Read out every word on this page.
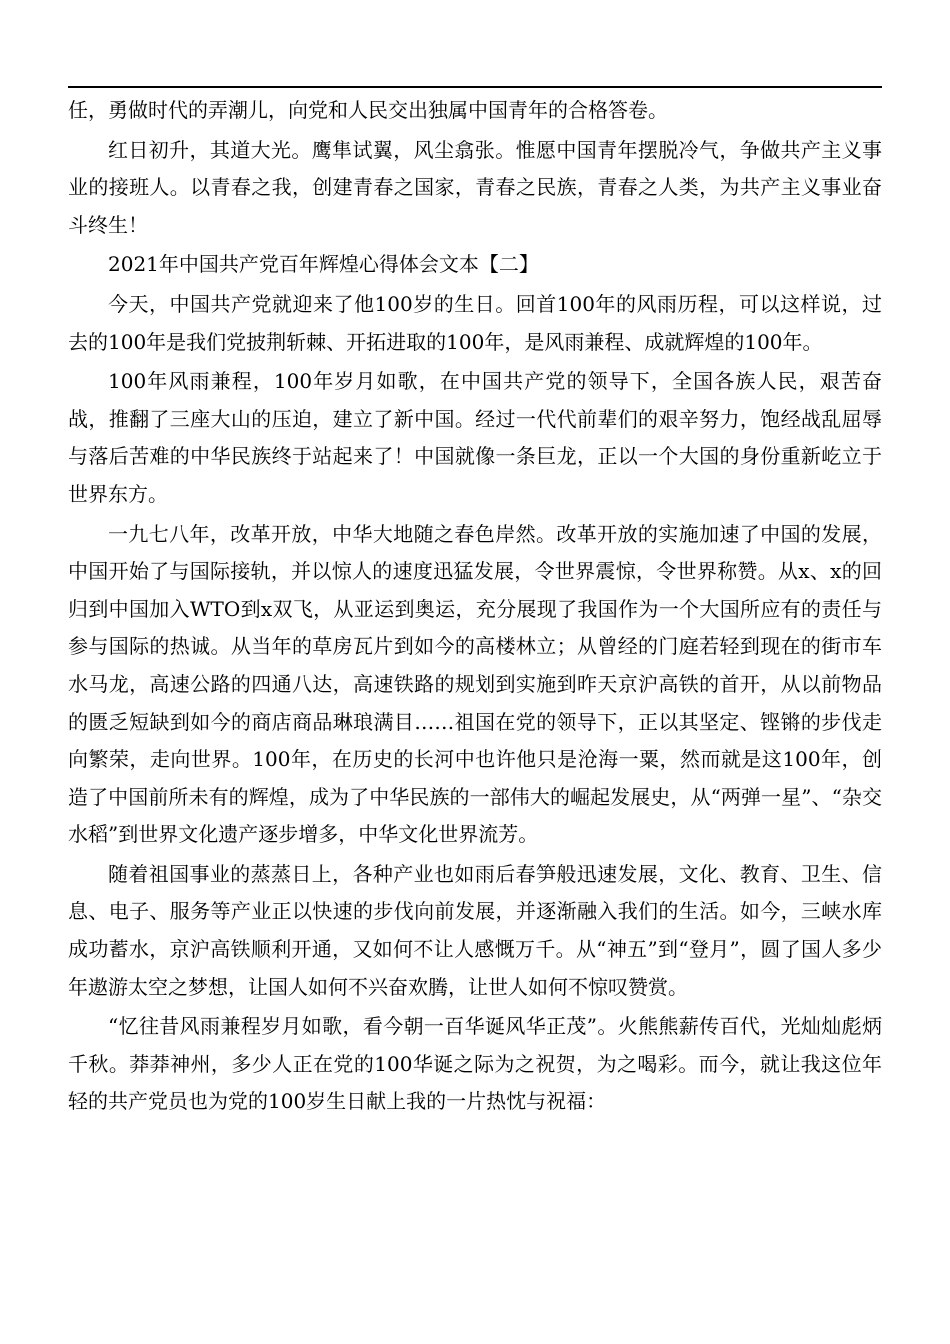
任，勇做时代的弄潮儿，向党和人民交出独属中国青年的合格答卷。

红日初升，其道大光。鹰隼试翼，风尘翕张。惟愿中国青年摆脱冷气，争做共产主义事业的接班人。以青春之我，创建青春之国家，青春之民族，青春之人类，为共产主义事业奋斗终生！

2021年中国共产党百年辉煌心得体会文本【二】

今天，中国共产党就迎来了他100岁的生日。回首100年的风雨历程，可以这样说，过去的100年是我们党披荆斩棘、开拓进取的100年，是风雨兼程、成就辉煌的100年。

100年风雨兼程，100年岁月如歌，在中国共产党的领导下，全国各族人民，艰苦奋战，推翻了三座大山的压迫，建立了新中国。经过一代代前辈们的艰辛努力，饱经战乱屈辱与落后苦难的中华民族终于站起来了！中国就像一条巨龙，正以一个大国的身份重新屹立于世界东方。

一九七八年，改革开放，中华大地随之春色岸然。改革开放的实施加速了中国的发展，中国开始了与国际接轨，并以惊人的速度迅猛发展，令世界震惊，令世界称赞。从x、x的回归到中国加入WTO到x双飞，从亚运到奥运，充分展现了我国作为一个大国所应有的责任与参与国际的热诚。从当年的草房瓦片到如今的高楼林立；从曾经的门庭若轻到现在的街市车水马龙，高速公路的四通八达，高速铁路的规划到实施到昨天京沪高铁的首开，从以前物品的匮乏短缺到如今的商店商品琳琅满目……祖国在党的领导下，正以其坚定、铿锵的步伐走向繁荣，走向世界。100年，在历史的长河中也许他只是沧海一粟，然而就是这100年，创造了中国前所未有的辉煌，成为了中华民族的一部伟大的崛起发展史，从“两弹一星”、“杂交水稻”到世界文化遗产逐步增多，中华文化世界流芳。

随着祖国事业的蒸蒸日上，各种产业也如雨后春笋般迅速发展，文化、教育、卫生、信息、电子、服务等产业正以快速的步伐向前发展，并逐渐融入我们的生活。如今，三峡水库成功蓄水，京沪高铁顺利开通，又如何不让人感慨万千。从“神五”到“登月”，圆了国人多少年遨游太空之梦想，让国人如何不兴奋欢腾，让世人如何不惊叹赞赏。

“忆往昔风雨兼程岁月如歌，看今朝一百华诞风华正茂”。火熊熊薪传百代，光灿灿彪炳千秋。莽莽神州，多少人正在党的100华诞之际为之祝贺，为之喝彩。而今，就让我这位年轻的共产党员也为党的100岁生日献上我的一片热忱与祝福：
